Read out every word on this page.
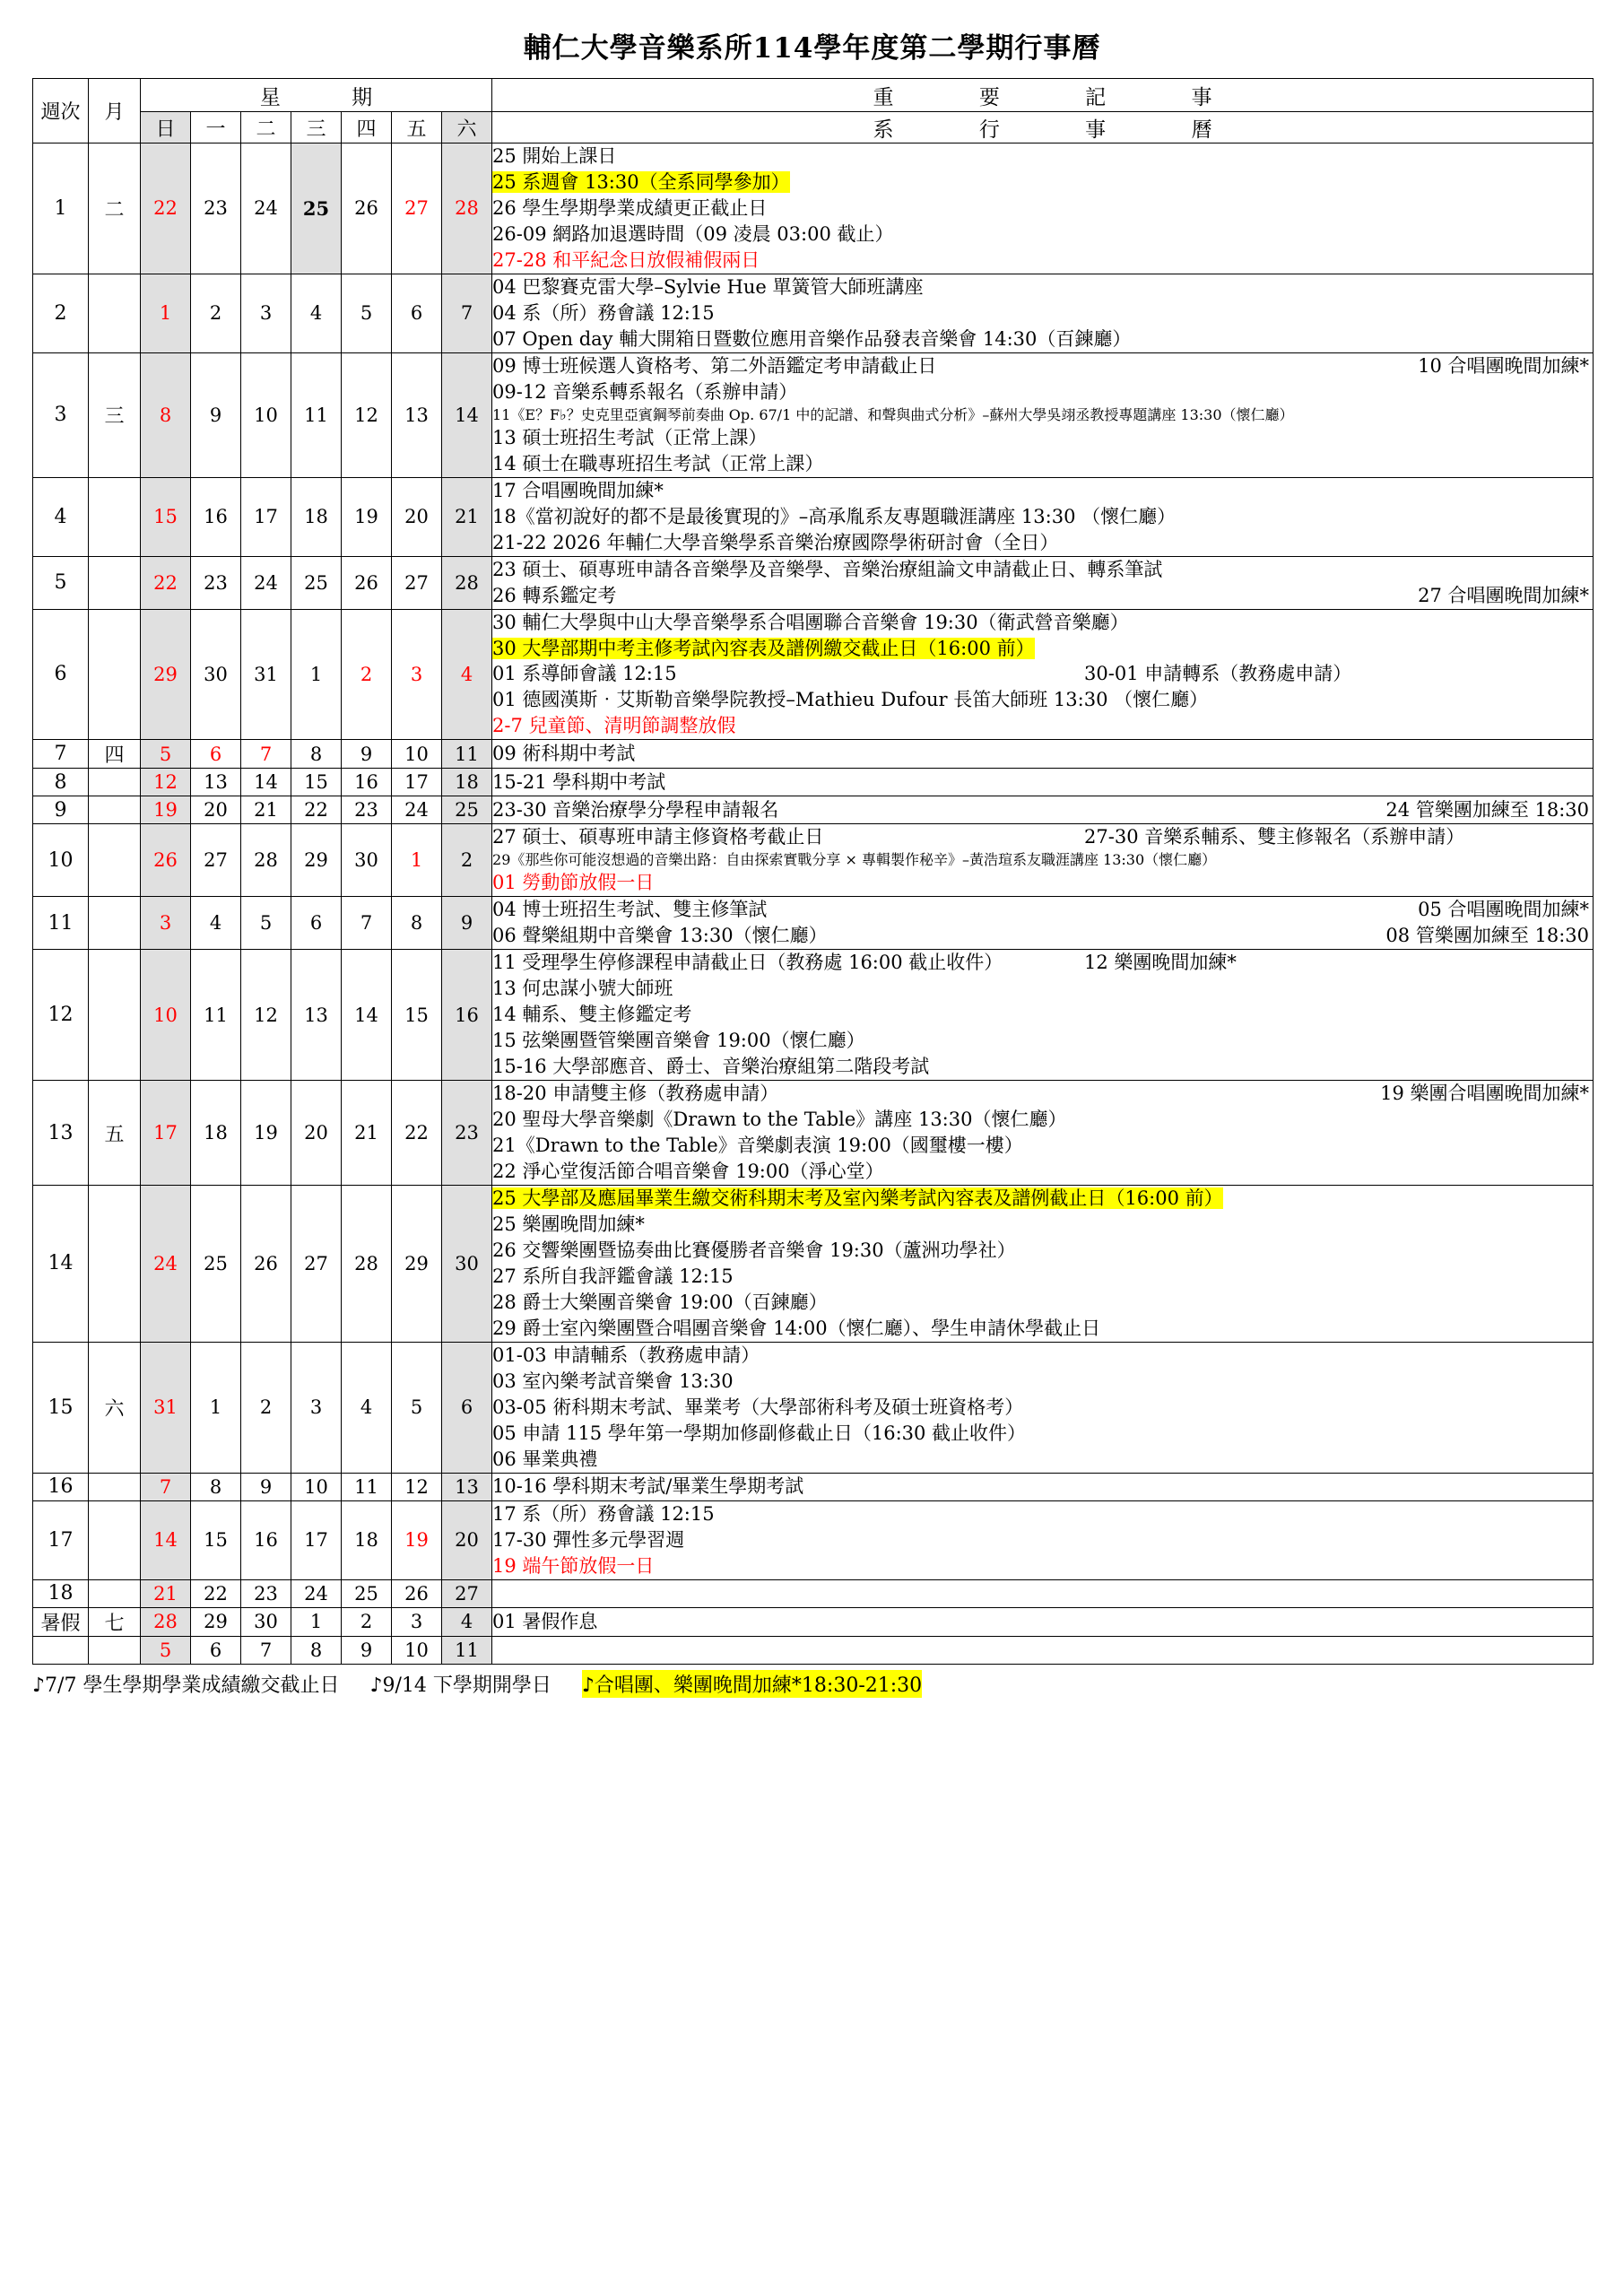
輔仁大學音樂系所114學年度第二學期行事曆
週次	月	星 期							重 要 記 事
		日	一	二	三	四	五	六	系 行 事 曆
1	二	22	23	24	25	26	27	28	25 開始上課日
25 系週會 13:30（全系同學參加）
26 學生學期學業成績更正截止日
26-09 網路加退選時間（09 凌晨 03:00 截止）
27-28 和平紀念日放假補假兩日

2		1	2	3	4	5	6	7	04 巴黎賽克雷大學–Sylvie Hue 單簧管大師班講座
04 系（所）務會議 12:15
07 Open day 輔大開箱日暨數位應用音樂作品發表音樂會 14:30（百鍊廳）

3	三	8	9	10	11	12	13	14	
09 博士班候選人資格考、第二外語鑑定考申請截止日	10 合唱團晚間加練*
09-12 音樂系轉系報名（系辦申請）
11《E？F♭？史克里亞賓鋼琴前奏曲 Op. 67/1 中的記譜、和聲與曲式分析》–蘇州大學吳翊丞教授專題講座 13:30（懷仁廳）
13 碩士班招生考試（正常上課）
14 碩士在職專班招生考試（正常上課）

4		15	16	17	18	19	20	21	17 合唱團晚間加練*
18《當初說好的都不是最後實現的》–高承胤系友專題職涯講座 13:30 （懷仁廳）
21-22 2026 年輔仁大學音樂學系音樂治療國際學術研討會（全日）

5		22	23	24	25	26	27	28	23 碩士、碩專班申請各音樂學及音樂學、音樂治療組論文申請截止日、轉系筆試
26 轉系鑑定考 27 合唱團晚間加練*

6		29	30	31	1	2	3	4	
30 輔仁大學與中山大學音樂學系合唱團聯合音樂會 19:30（衛武營音樂廳）
30 大學部期中考主修考試內容表及譜例繳交截止日（16:00 前）
01 系導師會議 12:15	30-01 申請轉系（教務處申請）
01 德國漢斯‧艾斯勒音樂學院教授–Mathieu Dufour 長笛大師班 13:30 （懷仁廳）
2-7 兒童節、清明節調整放假

7	四	5	6	7	8	9	10	11	09 術科期中考試

8		12	13	14	15	16	17	18	15-21 學科期中考試

9		19	20	21	22	23	24	25	23-30 音樂治療學分學程申請報名 24 管樂團加練至 18:30

10		26	27	28	29	30	1	2	27 碩士、碩專班申請主修資格考截止日 27-30 音樂系輔系、雙主修報名（系辦申請）
29《那些你可能沒想過的音樂出路：自由探索實戰分享 × 專輯製作秘辛》–黃浩瑄系友職涯講座 13:30（懷仁廳）
01 勞動節放假一日

11		3	4	5	6	7	8	9	04 博士班招生考試、雙主修筆試 05 合唱團晚間加練*
06 聲樂組期中音樂會 13:30（懷仁廳） 08 管樂團加練至 18:30

12		10	11	12	13	14	15	16	
11 受理學生停修課程申請截止日（教務處 16:00 截止收件）	12 樂團晚間加練*
13 何忠謀小號大師班
14 輔系、雙主修鑑定考
15 弦樂團暨管樂團音樂會 19:00（懷仁廳）
15-16 大學部應音、爵士、音樂治療組第二階段考試

13	五	17	18	19	20	21	22	23	18-20 申請雙主修（教務處申請） 19 樂團合唱團晚間加練*
20 聖母大學音樂劇《Drawn to the Table》講座 13:30（懷仁廳）
21《Drawn to the Table》音樂劇表演 19:00（國璽樓一樓）
22 淨心堂復活節合唱音樂會 19:00（淨心堂）

14		24	25	26	27	28	29	30	
25 大學部及應屆畢業生繳交術科期末考及室內樂考試內容表及譜例截止日（16:00 前）
25 樂團晚間加練*
26 交響樂團暨協奏曲比賽優勝者音樂會 19:30（蘆洲功學社）
27 系所自我評鑑會議 12:15
28 爵士大樂團音樂會 19:00（百鍊廳）
29 爵士室內樂團暨合唱團音樂會 14:00（懷仁廳）、學生申請休學截止日

15	六	31	1	2	3	4	5	6	01-03 申請輔系（教務處申請）
03 室內樂考試音樂會 13:30
03-05 術科期末考試、畢業考（大學部術科考及碩士班資格考）
05 申請 115 學年第一學期加修副修截止日（16:30 截止收件）
06 畢業典禮

16		7	8	9	10	11	12	13	10-16 學科期末考試/畢業生學期考試

17		14	15	16	17	18	19	20	17 系（所）務會議 12:15
17-30 彈性多元學習週
19 端午節放假一日

18		21	22	23	24	25	26	27	
暑假	七	28	29	30	1	2	3	4	01 暑假作息

		5	6	7	8	9	10	11	
♪7/7 學生學期學業成績繳交截止日 ♪9/14 下學期開學日 ♪合唱團、樂團晚間加練*18:30-21:30
